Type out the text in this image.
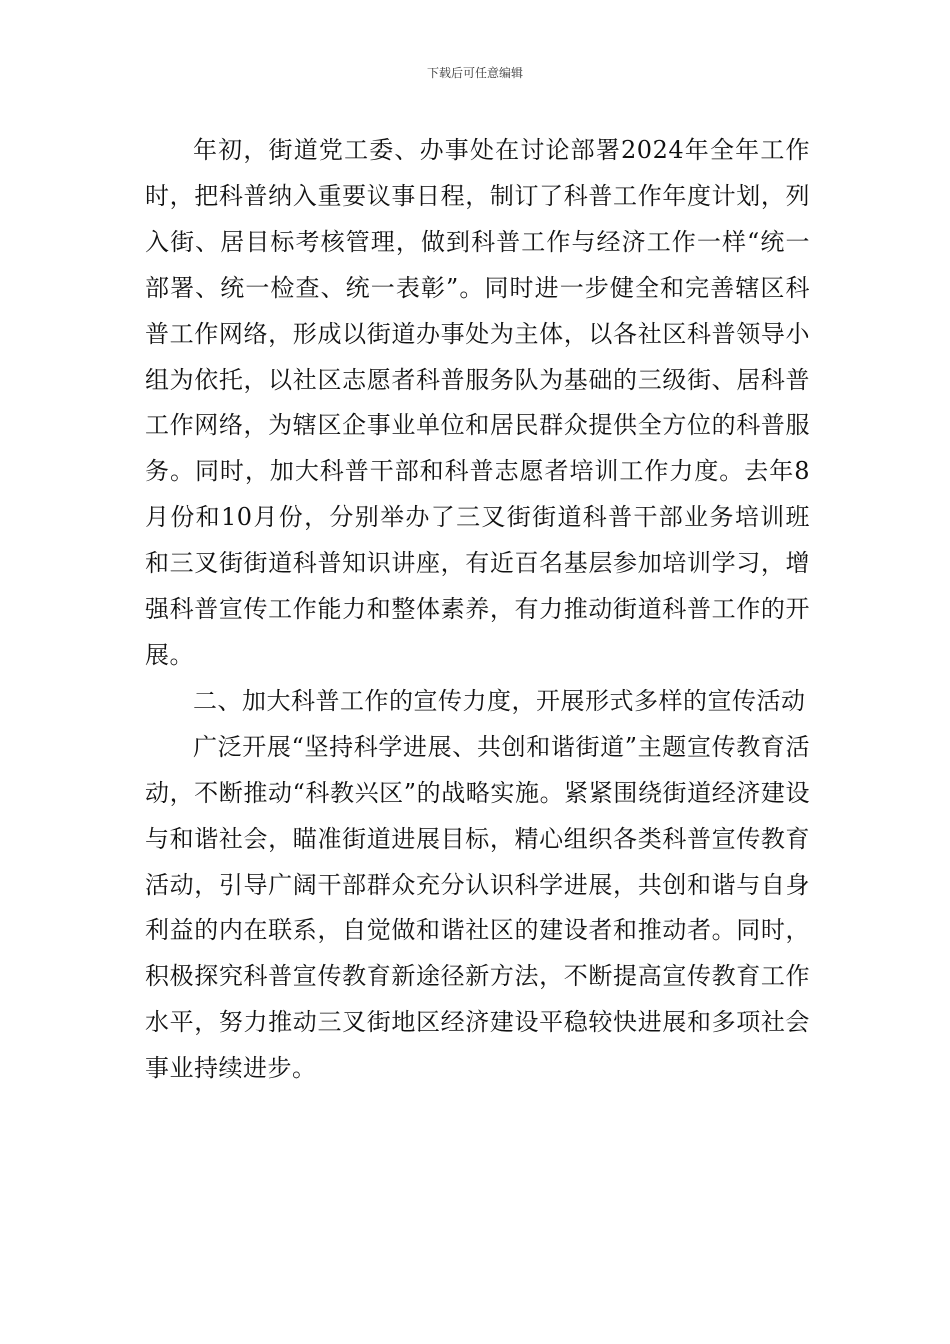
下载后可任意编辑

年初，街道党工委、办事处在讨论部署2024年全年工作时，把科普纳入重要议事日程，制订了科普工作年度计划，列入街、居目标考核管理，做到科普工作与经济工作一样“统一部署、统一检查、统一表彰”。同时进一步健全和完善辖区科普工作网络，形成以街道办事处为主体，以各社区科普领导小组为依托，以社区志愿者科普服务队为基础的三级街、居科普工作网络，为辖区企事业单位和居民群众提供全方位的科普服务。同时，加大科普干部和科普志愿者培训工作力度。去年8月份和10月份，分别举办了三叉街街道科普干部业务培训班和三叉街街道科普知识讲座，有近百名基层参加培训学习，增强科普宣传工作能力和整体素养，有力推动街道科普工作的开展。

二、加大科普工作的宣传力度，开展形式多样的宣传活动

广泛开展“坚持科学进展、共创和谐街道”主题宣传教育活动，不断推动“科教兴区”的战略实施。紧紧围绕街道经济建设与和谐社会，瞄准街道进展目标，精心组织各类科普宣传教育活动，引导广阔干部群众充分认识科学进展，共创和谐与自身利益的内在联系，自觉做和谐社区的建设者和推动者。同时，积极探究科普宣传教育新途径新方法，不断提高宣传教育工作水平，努力推动三叉街地区经济建设平稳较快进展和多项社会事业持续进步。
